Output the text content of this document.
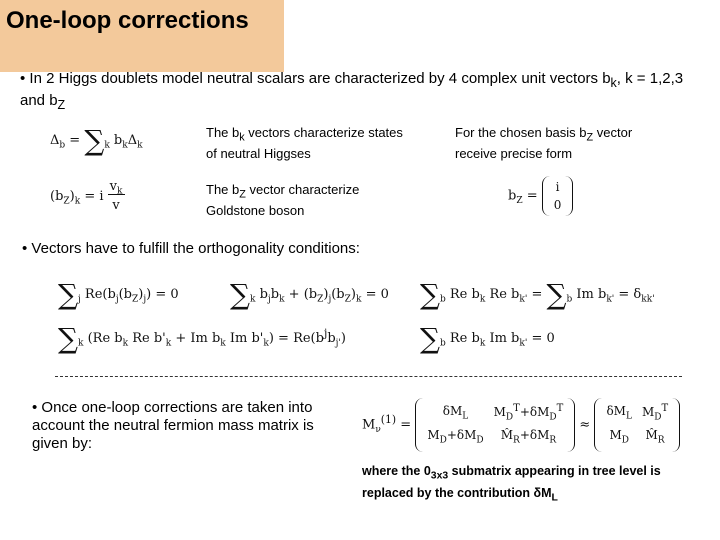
One-loop corrections
• In 2 Higgs doublets model neutral scalars are characterized by 4 complex unit vectors $b_k$, k = 1,2,3 and $b_Z$
$\Delta_b = \sum_k$ $b_k\Delta_k$
$(b_Z)_k = i$ $v_k$
v
The $b_k$ vectors characterize states of neutral Higgses
For the chosen basis $b_Z$ vector receive precise form
The $b_Z$ vector characterize Goldstone boson
$b_Z$ =
i
0
• Vectors have to fulfill the orthogonality conditions:
$\sum_j$ $Re(b_j(b_Z)_j) = 0$ $\sum_k$ $b_jb_k + (b_Z)_j(b_Z)_k = 0$ $\sum_b$ Re $b_k$ Re $b_{k'} = \sum_b$ Im $b_{k'} = \delta_{kk'}$
$\sum_k$ (Re $b_k$ Re $b'_k + Im$ $b_k$ Im $b'_k) = Re(b^jb_{j'})$	$\sum_b$ Re $b_k$ Im $b_{k'} = 0$
• Once one-loop corrections are taken into account the neutral fermion mass matrix is given by:
$M_\nu^{(1)}$ =
$\delta M_L$	$M_D^T+\delta M_D^T$
$M_D+\delta M_D$	$M̂_R+\delta M_R$
≈
$\delta M_L$	$M_D^T$
$M_D$	$M̂_R$
where the $0_{3x3}$ submatrix appearing in tree level is replaced by the contribution $\delta M_L$
